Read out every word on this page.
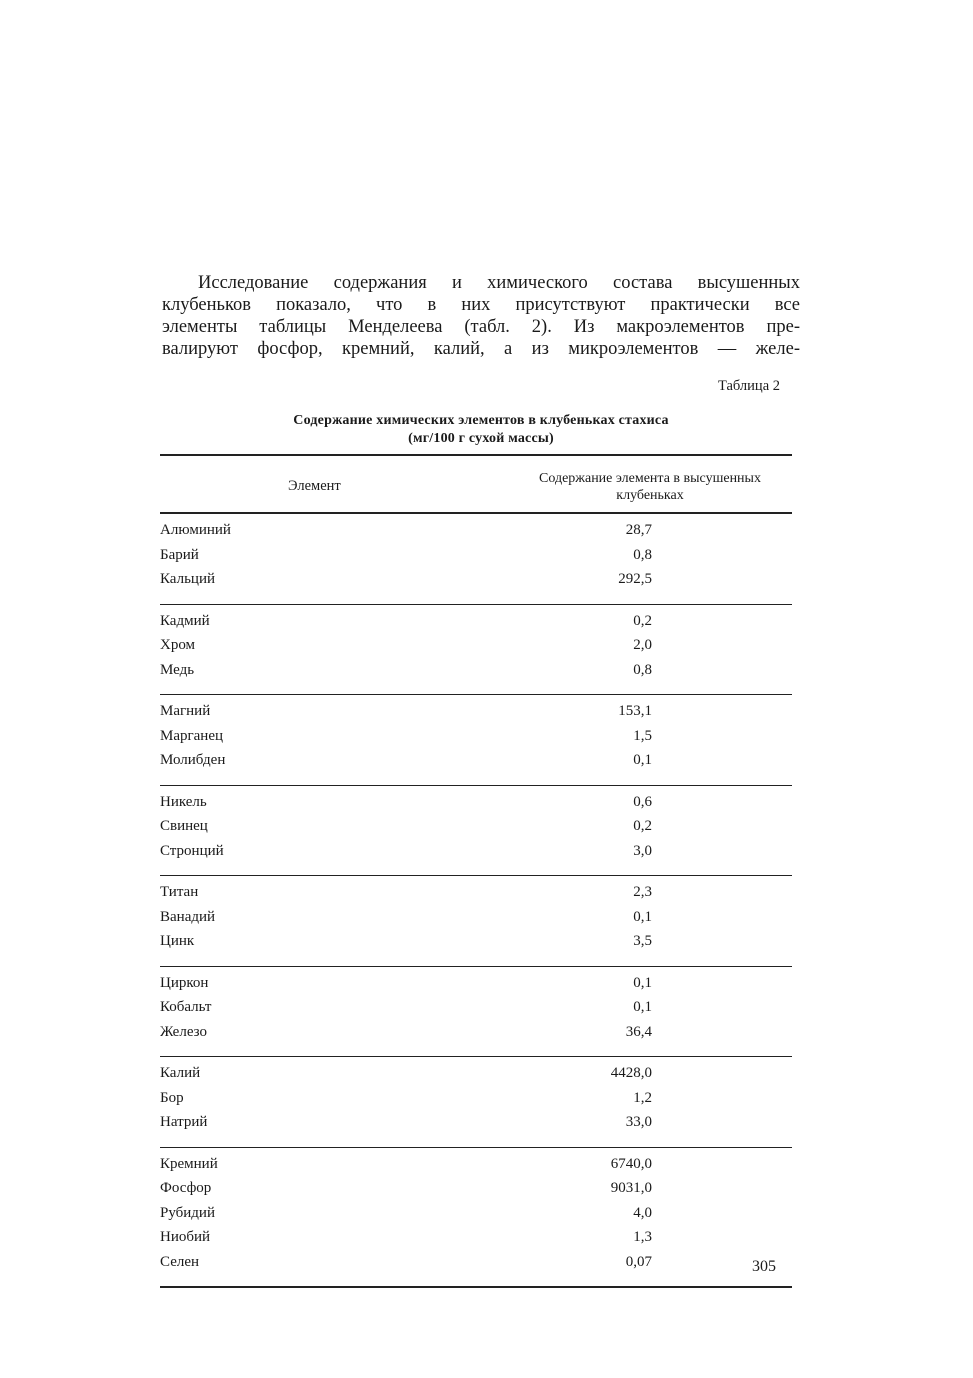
Исследование содержания и химического состава высушенных
клубеньков показало, что в них присутствуют практически все
элементы таблицы Менделеева (табл. 2). Из макроэлементов пре-
валируют фосфор, кремний, калий, а из микроэлементов — желе-
Таблица 2
Содержание химических элементов в клубеньках стахиса
(мг/100 г сухой массы)
Элемент	Содержание элемента в высушенных
клубеньках
Алюминий	28,7
Барий	0,8
Кальций	292,5
Кадмий	0,2
Хром	2,0
Медь	0,8
Магний	153,1
Марганец	1,5
Молибден	0,1
Никель	0,6
Свинец	0,2
Стронций	3,0
Титан	2,3
Ванадий	0,1
Цинк	3,5
Циркон	0,1
Кобальт	0,1
Железо	36,4
Калий	4428,0
Бор	1,2
Натрий	33,0
Кремний	6740,0
Фосфор	9031,0
Рубидий	4,0
Ниобий	1,3
Селен	0,07	305
